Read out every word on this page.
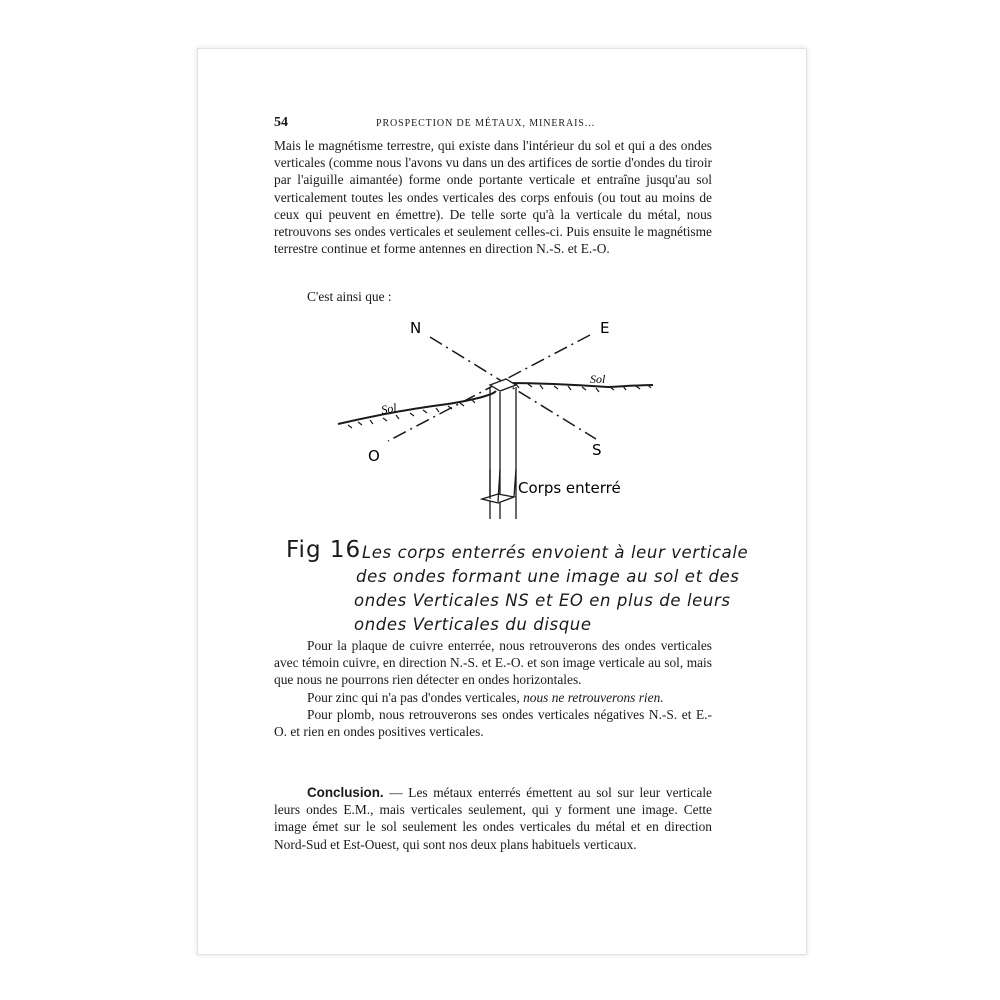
54	PROSPECTION DE MÉTAUX, MINERAIS...

Mais le magnétisme terrestre, qui existe dans l'intérieur du sol et qui a des ondes verticales (comme nous l'avons vu dans un des artifices de sortie d'ondes du tiroir par l'aiguille aimantée) forme onde portante verticale et entraîne jusqu'au sol verticalement toutes les ondes verticales des corps enfouis (ou tout au moins de ceux qui peuvent en émettre). De telle sorte qu'à la verticale du métal, nous retrouvons ses ondes verticales et seulement celles-ci. Puis ensuite le magnétisme terrestre continue et forme antennes en direction N.-S. et E.-O.

C'est ainsi que :
N	E
O	S
Sol
Sol
Corps enterré
Fig 16 Les corps enterrés envoient à leur verticale
des ondes formant une image au sol et des
ondes Verticales NS et EO en plus de leurs
ondes Verticales du disque

Pour la plaque de cuivre enterrée, nous retrouverons des ondes verticales avec témoin cuivre, en direction N.-S. et E.-O. et son image verticale au sol, mais que nous ne pourrons rien détecter en ondes horizontales.

Pour zinc qui n'a pas d'ondes verticales, nous ne retrouverons rien.

Pour plomb, nous retrouverons ses ondes verticales négatives N.-S. et E.-O. et rien en ondes positives verticales.

Conclusion. — Les métaux enterrés émettent au sol sur leur verticale leurs ondes E.M., mais verticales seulement, qui y forment une image. Cette image émet sur le sol seulement les ondes verticales du métal et en direction Nord-Sud et Est-Ouest, qui sont nos deux plans habituels verticaux.
